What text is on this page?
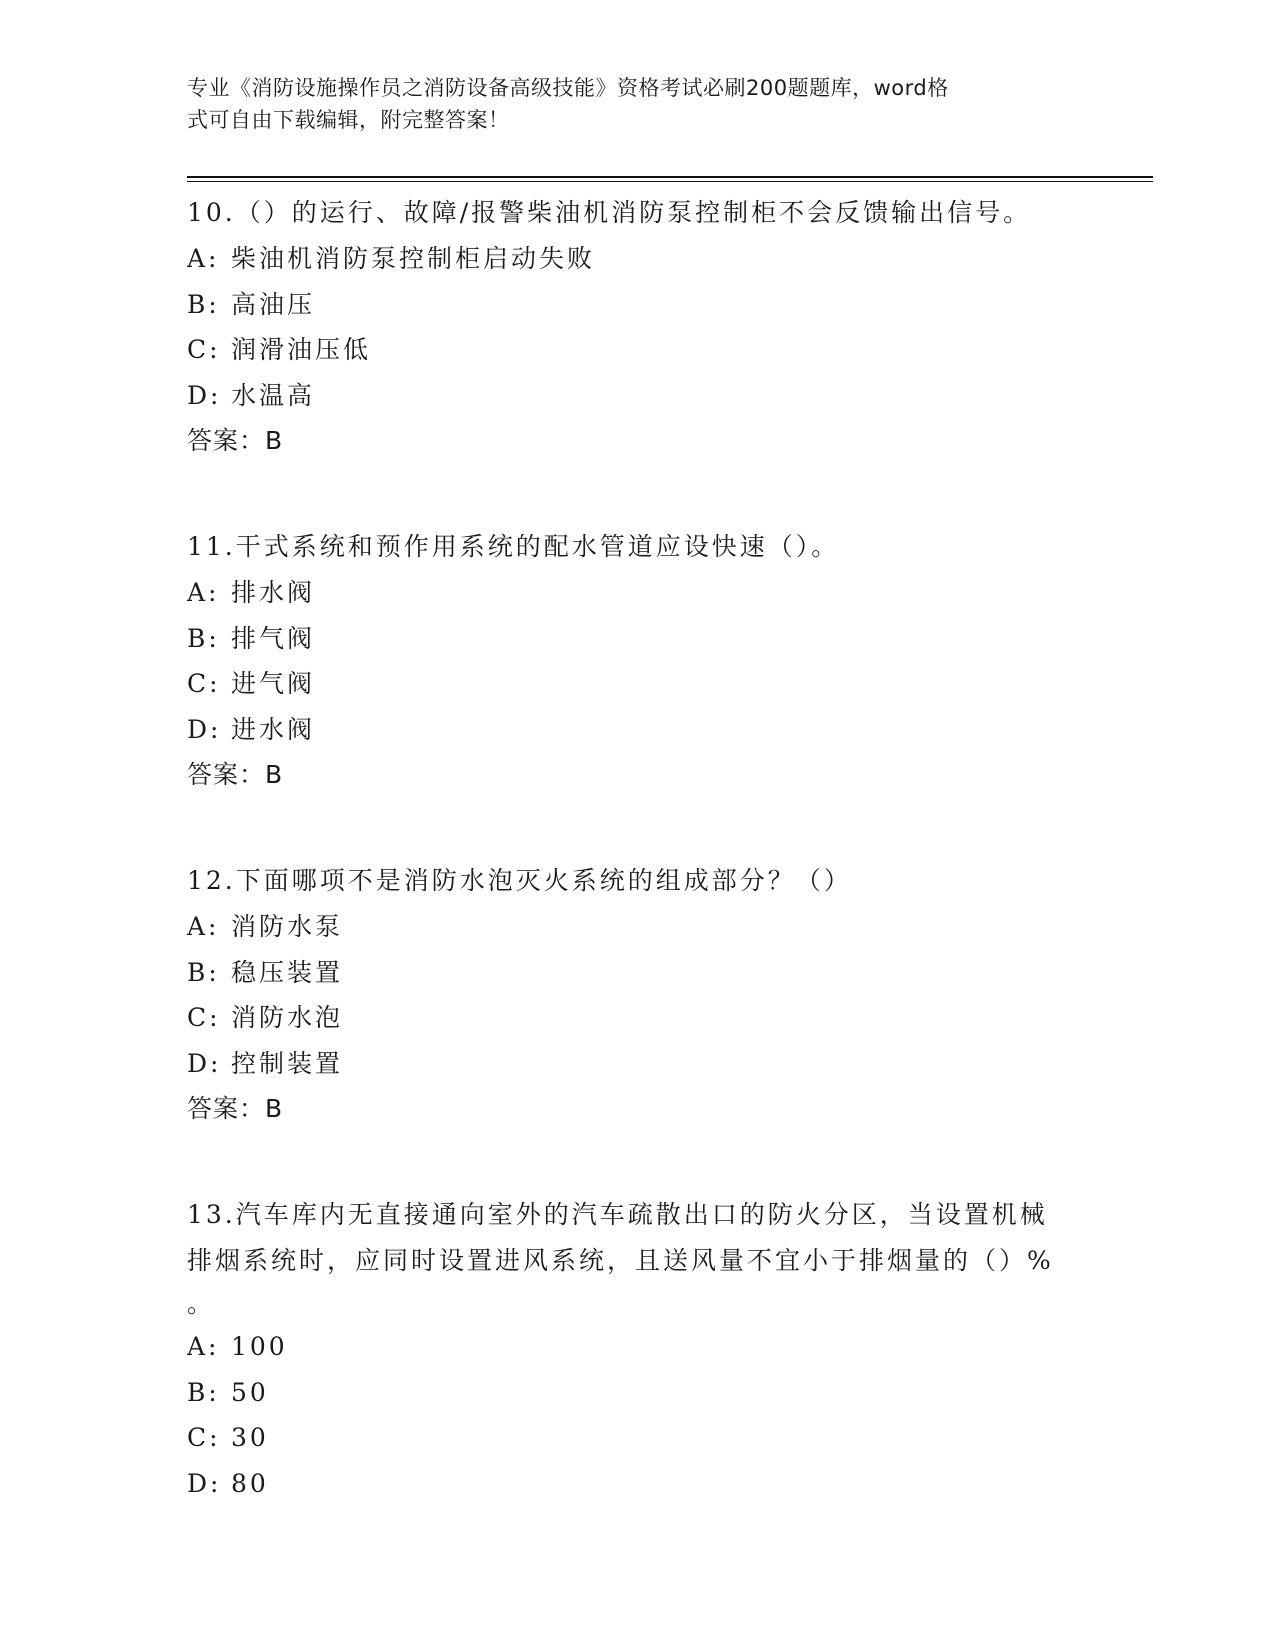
专业《消防设施操作员之消防设备高级技能》资格考试必刷200题题库，word格
式可自由下载编辑，附完整答案！

10.（）的运行、故障/报警柴油机消防泵控制柜不会反馈输出信号。

A: 柴油机消防泵控制柜启动失败

B: 高油压

C: 润滑油压低

D: 水温高

答案：B

11.干式系统和预作用系统的配水管道应设快速（）。

A: 排水阀

B: 排气阀

C: 进气阀

D: 进水阀

答案：B

12.下面哪项不是消防水泡灭火系统的组成部分？（）

A: 消防水泵

B: 稳压装置

C: 消防水泡

D: 控制装置

答案：B

13.汽车库内无直接通向室外的汽车疏散出口的防火分区，当设置机械

排烟系统时，应同时设置进风系统，且送风量不宜小于排烟量的（）%

。

A: 100

B: 50

C: 30

D: 80
